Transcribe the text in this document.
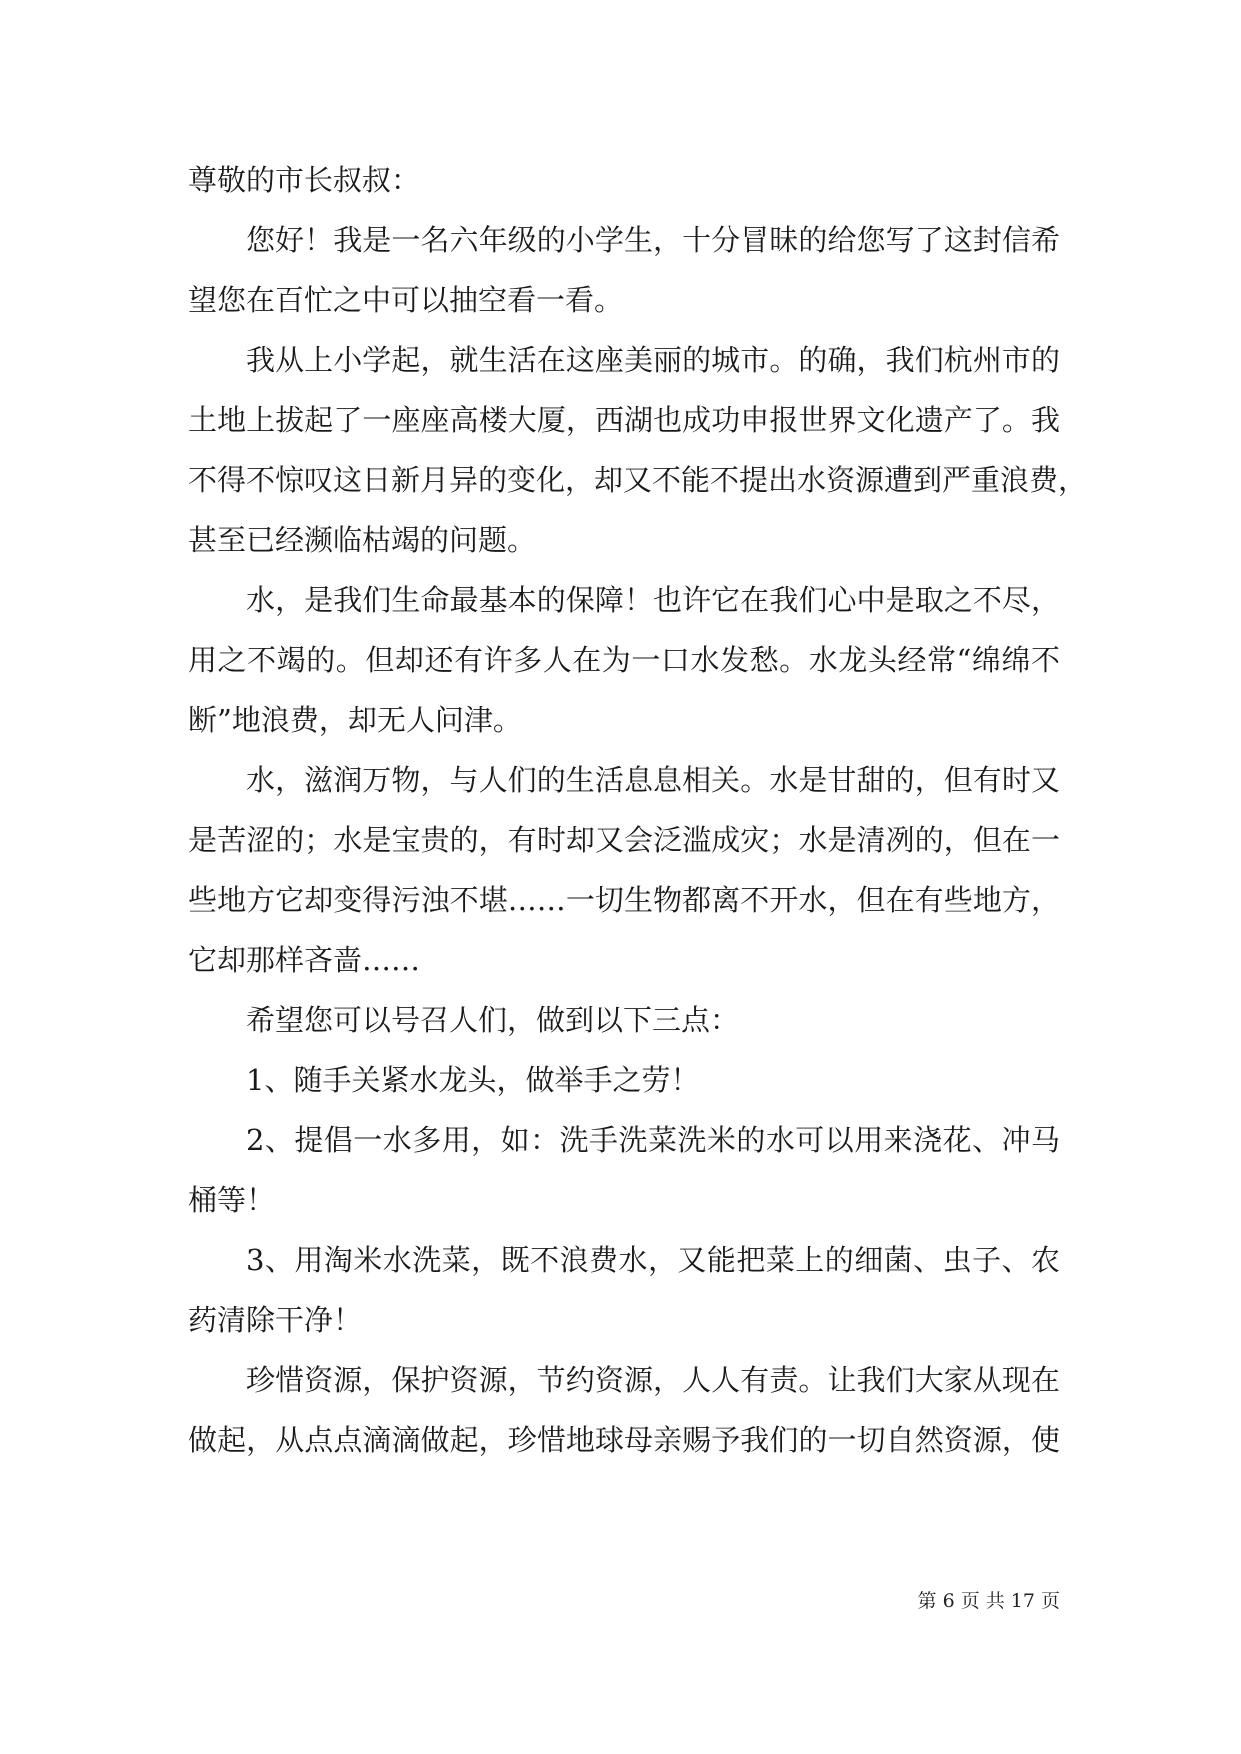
尊敬的市长叔叔：
您好！我是一名六年级的小学生，十分冒昧的给您写了这封信希
望您在百忙之中可以抽空看一看。
我从上小学起，就生活在这座美丽的城市。的确，我们杭州市的
土地上拔起了一座座高楼大厦，西湖也成功申报世界文化遗产了。我
不得不惊叹这日新月异的变化，却又不能不提出水资源遭到严重浪费，
甚至已经濒临枯竭的问题。
水，是我们生命最基本的保障！也许它在我们心中是取之不尽，
用之不竭的。但却还有许多人在为一口水发愁。水龙头经常“绵绵不
断”地浪费，却无人问津。
水，滋润万物，与人们的生活息息相关。水是甘甜的，但有时又
是苦涩的；水是宝贵的，有时却又会泛滥成灾；水是清冽的，但在一
些地方它却变得污浊不堪……一切生物都离不开水，但在有些地方，
它却那样吝啬……
希望您可以号召人们，做到以下三点：
1、随手关紧水龙头，做举手之劳！
2、提倡一水多用，如：洗手洗菜洗米的水可以用来浇花、冲马
桶等！
3、用淘米水洗菜，既不浪费水，又能把菜上的细菌、虫子、农
药清除干净！
珍惜资源，保护资源，节约资源，人人有责。让我们大家从现在
做起，从点点滴滴做起，珍惜地球母亲赐予我们的一切自然资源，使
第 6 页 共 17 页
